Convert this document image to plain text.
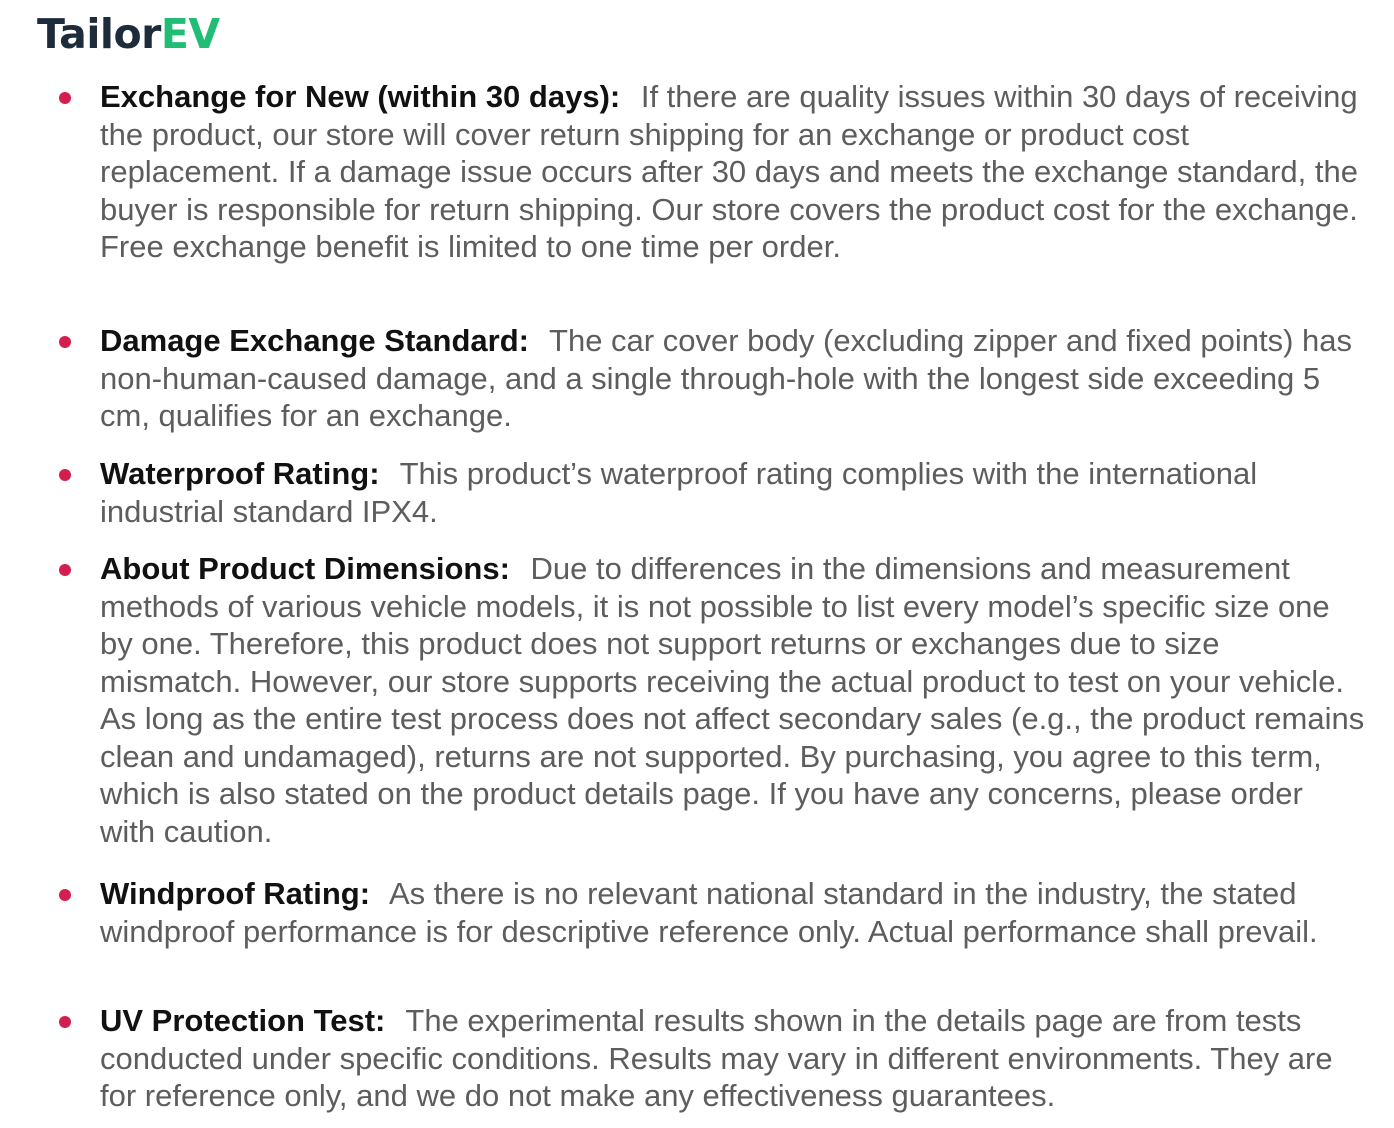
TailorEV
Exchange for New (within 30 days): If there are quality issues within 30 days of receiving the product, our store will cover return shipping for an exchange or product cost replacement. If a damage issue occurs after 30 days and meets the exchange standard, the buyer is responsible for return shipping. Our store covers the product cost for the exchange. Free exchange benefit is limited to one time per order.
Damage Exchange Standard: The car cover body (excluding zipper and fixed points) has non-human-caused damage, and a single through-hole with the longest side exceeding 5 cm, qualifies for an exchange.
Waterproof Rating: This product’s waterproof rating complies with the international industrial standard IPX4.
About Product Dimensions: Due to differences in the dimensions and measurement methods of various vehicle models, it is not possible to list every model’s specific size one by one. Therefore, this product does not support returns or exchanges due to size mismatch. However, our store supports receiving the actual product to test on your vehicle. As long as the entire test process does not affect secondary sales (e.g., the product remains clean and undamaged), returns are not supported. By purchasing, you agree to this term, which is also stated on the product details page. If you have any concerns, please order with caution.
Windproof Rating: As there is no relevant national standard in the industry, the stated windproof performance is for descriptive reference only. Actual performance shall prevail.
UV Protection Test: The experimental results shown in the details page are from tests conducted under specific conditions. Results may vary in different environments. They are for reference only, and we do not make any effectiveness guarantees.
